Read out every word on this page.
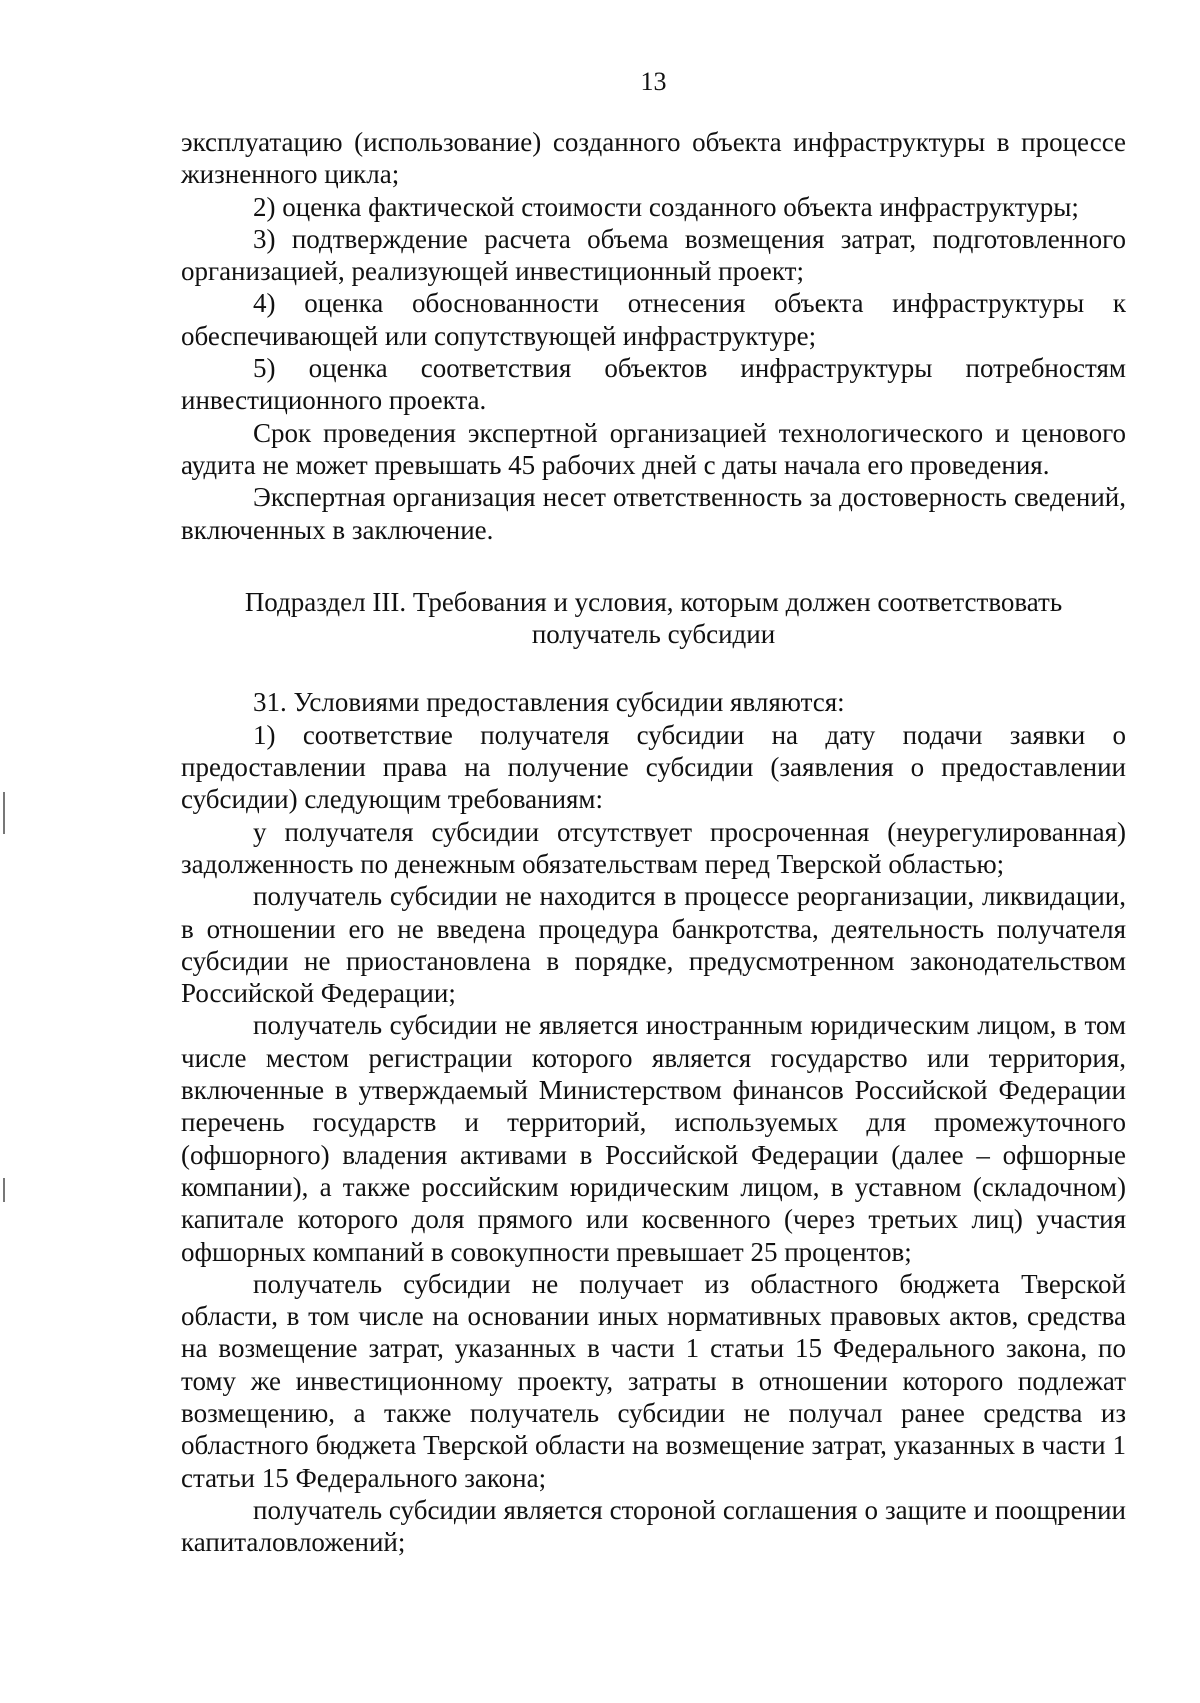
13

эксплуатацию (использование) созданного объекта инфраструктуры в процессе жизненного цикла;

2) оценка фактической стоимости созданного объекта инфраструктуры;

3) подтверждение расчета объема возмещения затрат, подготовленного организацией, реализующей инвестиционный проект;

4) оценка обоснованности отнесения объекта инфраструктуры к обеспечивающей или сопутствующей инфраструктуре;

5) оценка соответствия объектов инфраструктуры потребностям инвестиционного проекта.

Срок проведения экспертной организацией технологического и ценового аудита не может превышать 45 рабочих дней с даты начала его проведения.

Экспертная организация несет ответственность за достоверность сведений, включенных в заключение.

Подраздел III. Требования и условия, которым должен соответствовать

получатель субсидии

31. Условиями предоставления субсидии являются:

1) соответствие получателя субсидии на дату подачи заявки о предоставлении права на получение субсидии (заявления о предоставлении субсидии) следующим требованиям:

у получателя субсидии отсутствует просроченная (неурегулированная) задолженность по денежным обязательствам перед Тверской областью;

получатель субсидии не находится в процессе реорганизации, ликвидации, в отношении его не введена процедура банкротства, деятельность получателя субсидии не приостановлена в порядке, предусмотренном законодательством Российской Федерации;

получатель субсидии не является иностранным юридическим лицом, в том числе местом регистрации которого является государство или территория, включенные в утверждаемый Министерством финансов Российской Федерации перечень государств и территорий, используемых для промежуточного (офшорного) владения активами в Российской Федерации (далее – офшорные компании), а также российским юридическим лицом, в уставном (складочном) капитале которого доля прямого или косвенного (через третьих лиц) участия офшорных компаний в совокупности превышает 25 процентов;

получатель субсидии не получает из областного бюджета Тверской области, в том числе на основании иных нормативных правовых актов, средства на возмещение затрат, указанных в части 1 статьи 15 Федерального закона, по тому же инвестиционному проекту, затраты в отношении которого подлежат возмещению, а также получатель субсидии не получал ранее средства из областного бюджета Тверской области на возмещение затрат, указанных в части 1 статьи 15 Федерального закона;

получатель субсидии является стороной соглашения о защите и поощрении капиталовложений;
